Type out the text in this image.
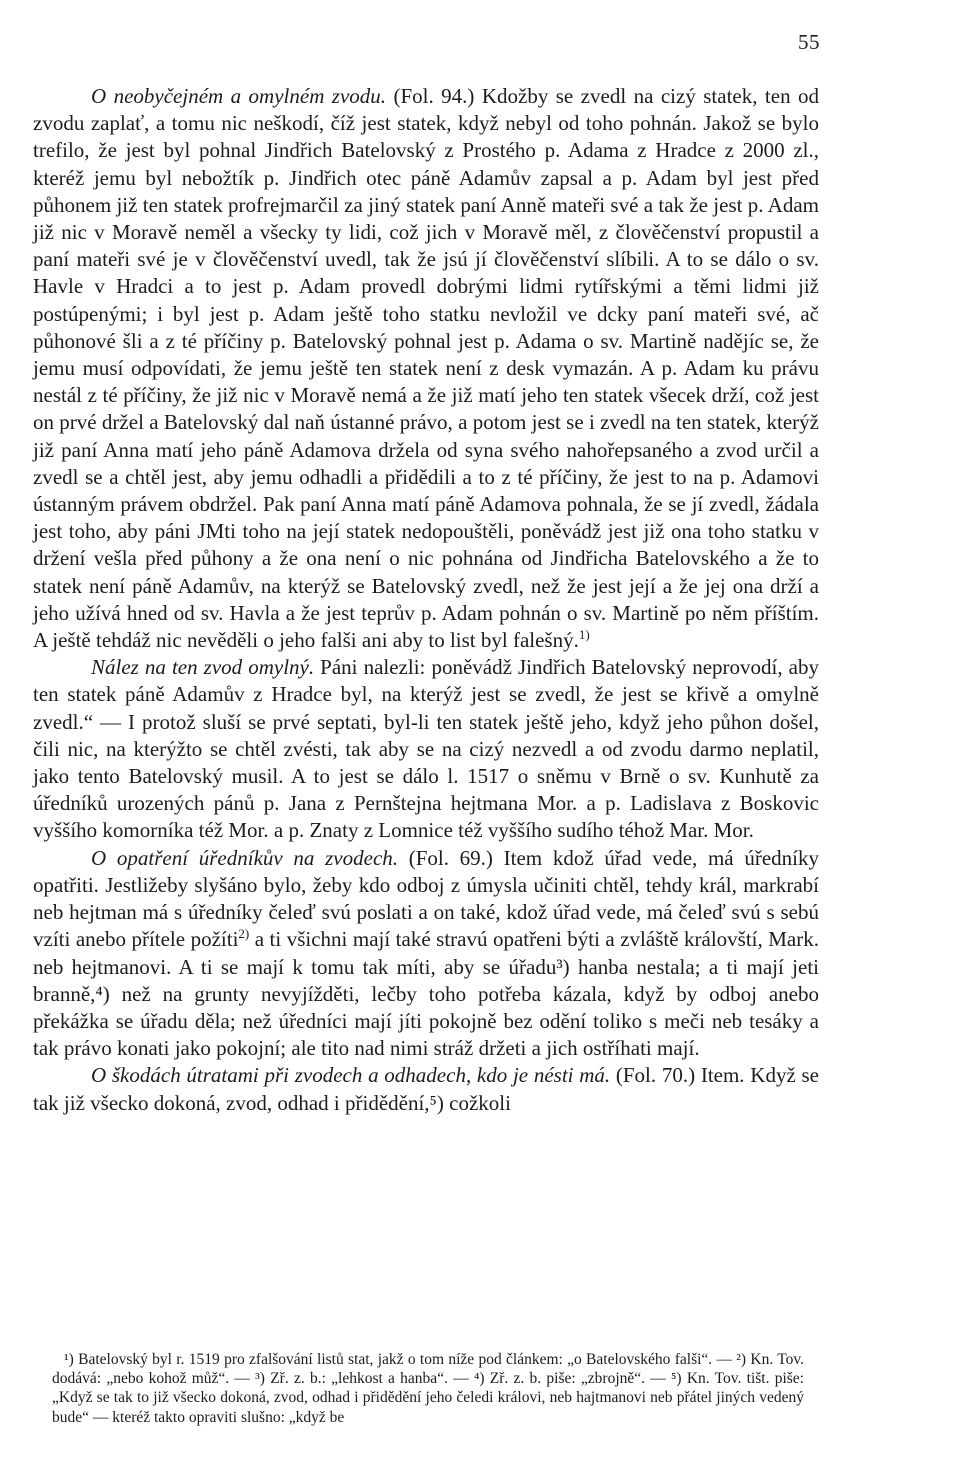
55

O neobyčejném a omylném zvodu. (Fol. 94.) Kdožby se zvedl na cizý statek, ten od zvodu zaplať, a tomu nic neškodí, číž jest statek, když nebyl od toho pohnán. Jakož se bylo trefilo, že jest byl pohnal Jindřich Batelovský z Prostého p. Adama z Hradce z 2000 zl., kteréž jemu byl nebožtík p. Jindřich otec páně Adamův zapsal a p. Adam byl jest před půhonem již ten statek profrejmarčil za jiný statek paní Anně mateři své a tak že jest p. Adam již nic v Moravě neměl a všecky ty lidi, což jich v Moravě měl, z člověčenství propustil a paní mateři své je v člověčenství uvedl, tak že jsú jí člověčenství slíbili. A to se dálo o sv. Havle v Hradci a to jest p. Adam provedl dobrými lidmi rytířskými a těmi lidmi již postúpenými; i byl jest p. Adam ještě toho statku nevložil ve dcky paní mateři své, ač půhonové šli a z té příčiny p. Batelovský pohnal jest p. Adama o sv. Martině nadějíc se, že jemu musí odpovídati, že jemu ještě ten statek není z desk vymazán. A p. Adam ku právu nestál z té příčiny, že již nic v Moravě nemá a že již matí jeho ten statek všecek drží, což jest on prvé držel a Batelovský dal naň ústanné právo, a potom jest se i zvedl na ten statek, kterýž již paní Anna matí jeho páně Adamova držela od syna svého nahořepsaného a zvod určil a zvedl se a chtěl jest, aby jemu odhadli a přidědili a to z té příčiny, že jest to na p. Adamovi ústanným právem obdržel. Pak paní Anna matí páně Adamova pohnala, že se jí zvedl, žádala jest toho, aby páni JMti toho na její statek nedopouštěli, poněvádž jest již ona toho statku v držení vešla před půhony a že ona není o nic pohnána od Jindřicha Batelovského a že to statek není páně Adamův, na kterýž se Batelovský zvedl, než že jest její a že jej ona drží a jeho užívá hned od sv. Havla a že jest teprův p. Adam pohnán o sv. Martině po něm příštím. A ještě tehdáž nic nevěděli o jeho falši ani aby to list byl falešný.$^{1)}$

Nález na ten zvod omylný. Páni nalezli: poněvádž Jindřich Batelovský neprovodí, aby ten statek páně Adamův z Hradce byl, na kterýž jest se zvedl, že jest se křivě a omylně zvedl.“ — I protož sluší se prvé septati, byl-li ten statek ještě jeho, když jeho půhon došel, čili nic, na kterýžto se chtěl zvésti, tak aby se na cizý nezvedl a od zvodu darmo neplatil, jako tento Batelovský musil. A to jest se dálo l. 1517 o sněmu v Brně o sv. Kunhutě za úředníků urozených pánů p. Jana z Pernštejna hejtmana Mor. a p. Ladislava z Boskovic vyššího komorníka též Mor. a p. Znaty z Lomnice též vyššího sudího téhož Mar. Mor.

O opatření úředníkův na zvodech. (Fol. 69.) Item kdož úřad vede, má úředníky opatřiti. Jestližeby slyšáno bylo, žeby kdo odboj z úmysla učiniti chtěl, tehdy král, markrabí neb hejtman má s úředníky čeleď svú poslati a on také, kdož úřad vede, má čeleď svú s sebú vzíti anebo přítele požíti$^{2)}$ a ti všichni mají také stravú opatřeni býti a zvláště královští, Mark. neb hejtmanovi. A ti se mají k tomu tak míti, aby se úřadu³) hanba nestala; a ti mají jeti branně,⁴) než na grunty nevyjížděti, lečby toho potřeba kázala, když by odboj anebo překážka se úřadu děla; než úředníci mají jíti pokojně bez odění toliko s meči neb tesáky a tak právo konati jako pokojní; ale tito nad nimi stráž držeti a jich ostříhati mají.

O škodách útratami při zvodech a odhadech, kdo je nésti má. (Fol. 70.) Item. Když se tak již všecko dokoná, zvod, odhad i přidědění,⁵) cožkoli

¹) Batelovský byl r. 1519 pro zfalšování listů stat, jakž o tom níže pod článkem: „o Batelovského falši“. — ²) Kn. Tov. dodává: „nebo kohož můž“. — ³) Zř. z. b.: „lehkost a hanba“. — ⁴) Zř. z. b. piše: „zbrojně“. — ⁵) Kn. Tov. tišt. piše: „Když se tak to již všecko dokoná, zvod, odhad i přidědění jeho čeledi královi, neb hajtmanovi neb přátel jiných vedený bude“ — kteréž takto opraviti slušno: „když be
